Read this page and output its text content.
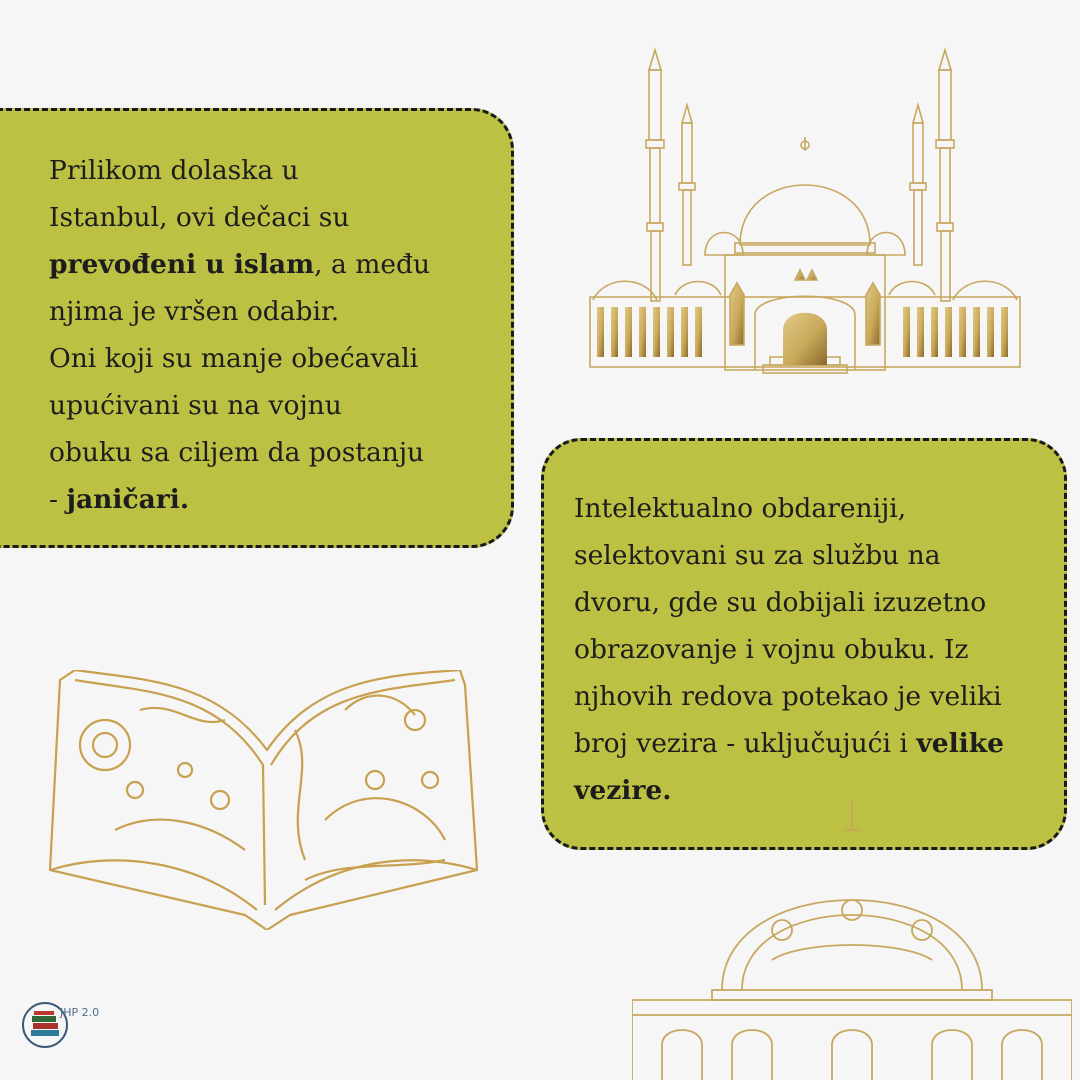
Prilikom dolaska u
Istanbul, ovi dečaci su
prevođeni u islam, a među
njima je vršen odabir.
Oni koji su manje obećavali
upućivani su na vojnu
obuku sa ciljem da postanju
- janičari.	Intelektualno obdareniji,
selektovani su za službu na
dvoru, gde su dobijali izuzetno
obrazovanje i vojnu obuku. Iz
njhovih redova potekao je veliki
broj vezira - uključujući i velike
vezire.

JHP 2.0
